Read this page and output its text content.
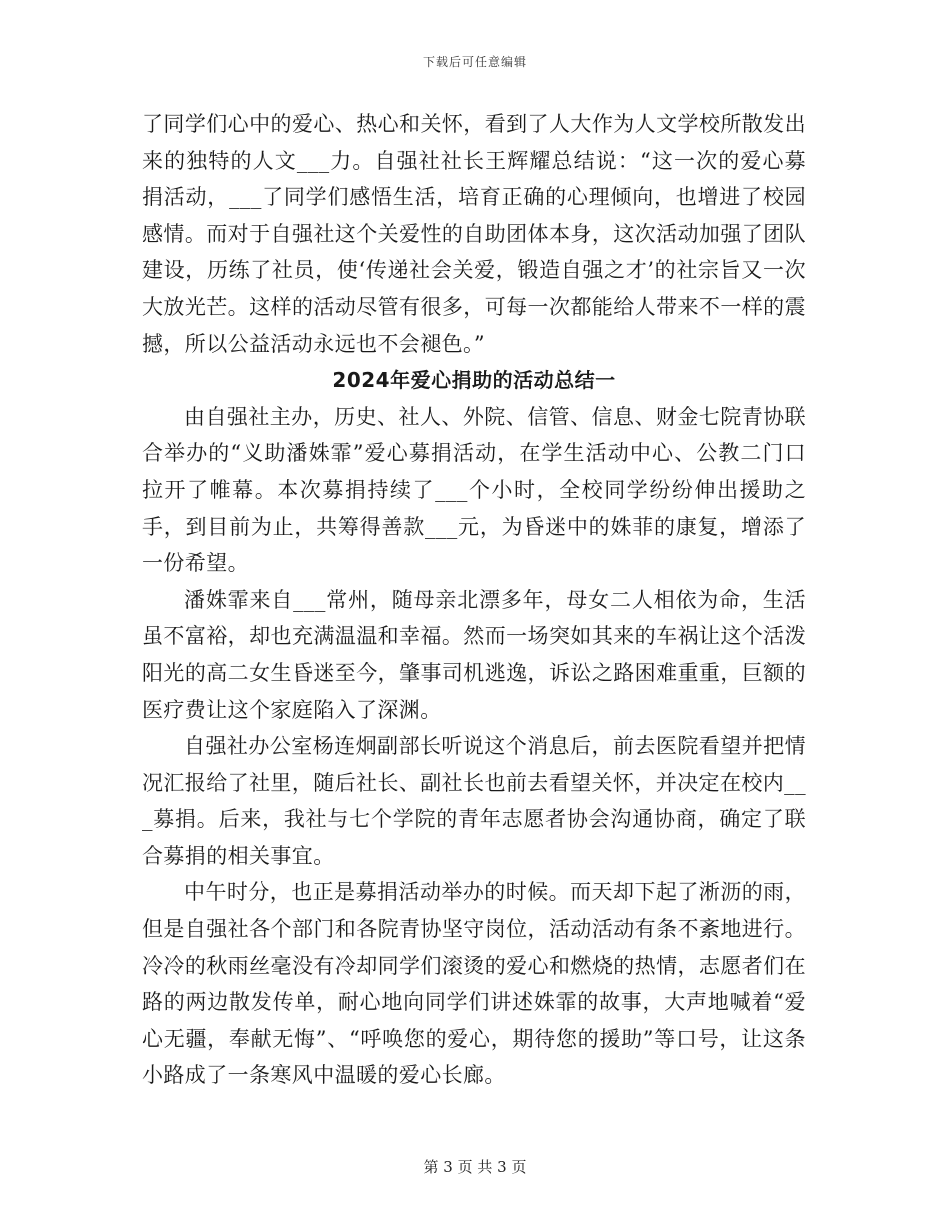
下载后可任意编辑

了同学们心中的爱心、热心和关怀，看到了人大作为人文学校所散发出来的独特的人文___力。自强社社长王辉耀总结说：“这一次的爱心募捐活动，___了同学们感悟生活，培育正确的心理倾向，也增进了校园感情。而对于自强社这个关爱性的自助团体本身，这次活动加强了团队建设，历练了社员，使‘传递社会关爱，锻造自强之才’的社宗旨又一次大放光芒。这样的活动尽管有很多，可每一次都能给人带来不一样的震撼，所以公益活动永远也不会褪色。”

2024年爱心捐助的活动总结一

由自强社主办，历史、社人、外院、信管、信息、财金七院青协联合举办的“义助潘姝霏”爱心募捐活动，在学生活动中心、公教二门口拉开了帷幕。本次募捐持续了___个小时，全校同学纷纷伸出援助之手，到目前为止，共筹得善款___元，为昏迷中的姝菲的康复，增添了一份希望。

潘姝霏来自___常州，随母亲北漂多年，母女二人相依为命，生活虽不富裕，却也充满温温和幸福。然而一场突如其来的车祸让这个活泼阳光的高二女生昏迷至今，肇事司机逃逸，诉讼之路困难重重，巨额的医疗费让这个家庭陷入了深渊。

自强社办公室杨连炯副部长听说这个消息后，前去医院看望并把情况汇报给了社里，随后社长、副社长也前去看望关怀，并决定在校内___募捐。后来，我社与七个学院的青年志愿者协会沟通协商，确定了联合募捐的相关事宜。

中午时分，也正是募捐活动举办的时候。而天却下起了淅沥的雨，但是自强社各个部门和各院青协坚守岗位，活动活动有条不紊地进行。冷冷的秋雨丝毫没有冷却同学们滚烫的爱心和燃烧的热情，志愿者们在路的两边散发传单，耐心地向同学们讲述姝霏的故事，大声地喊着“爱心无疆，奉献无悔”、“呼唤您的爱心，期待您的援助”等口号，让这条小路成了一条寒风中温暖的爱心长廊。

第 3 页 共 3 页
